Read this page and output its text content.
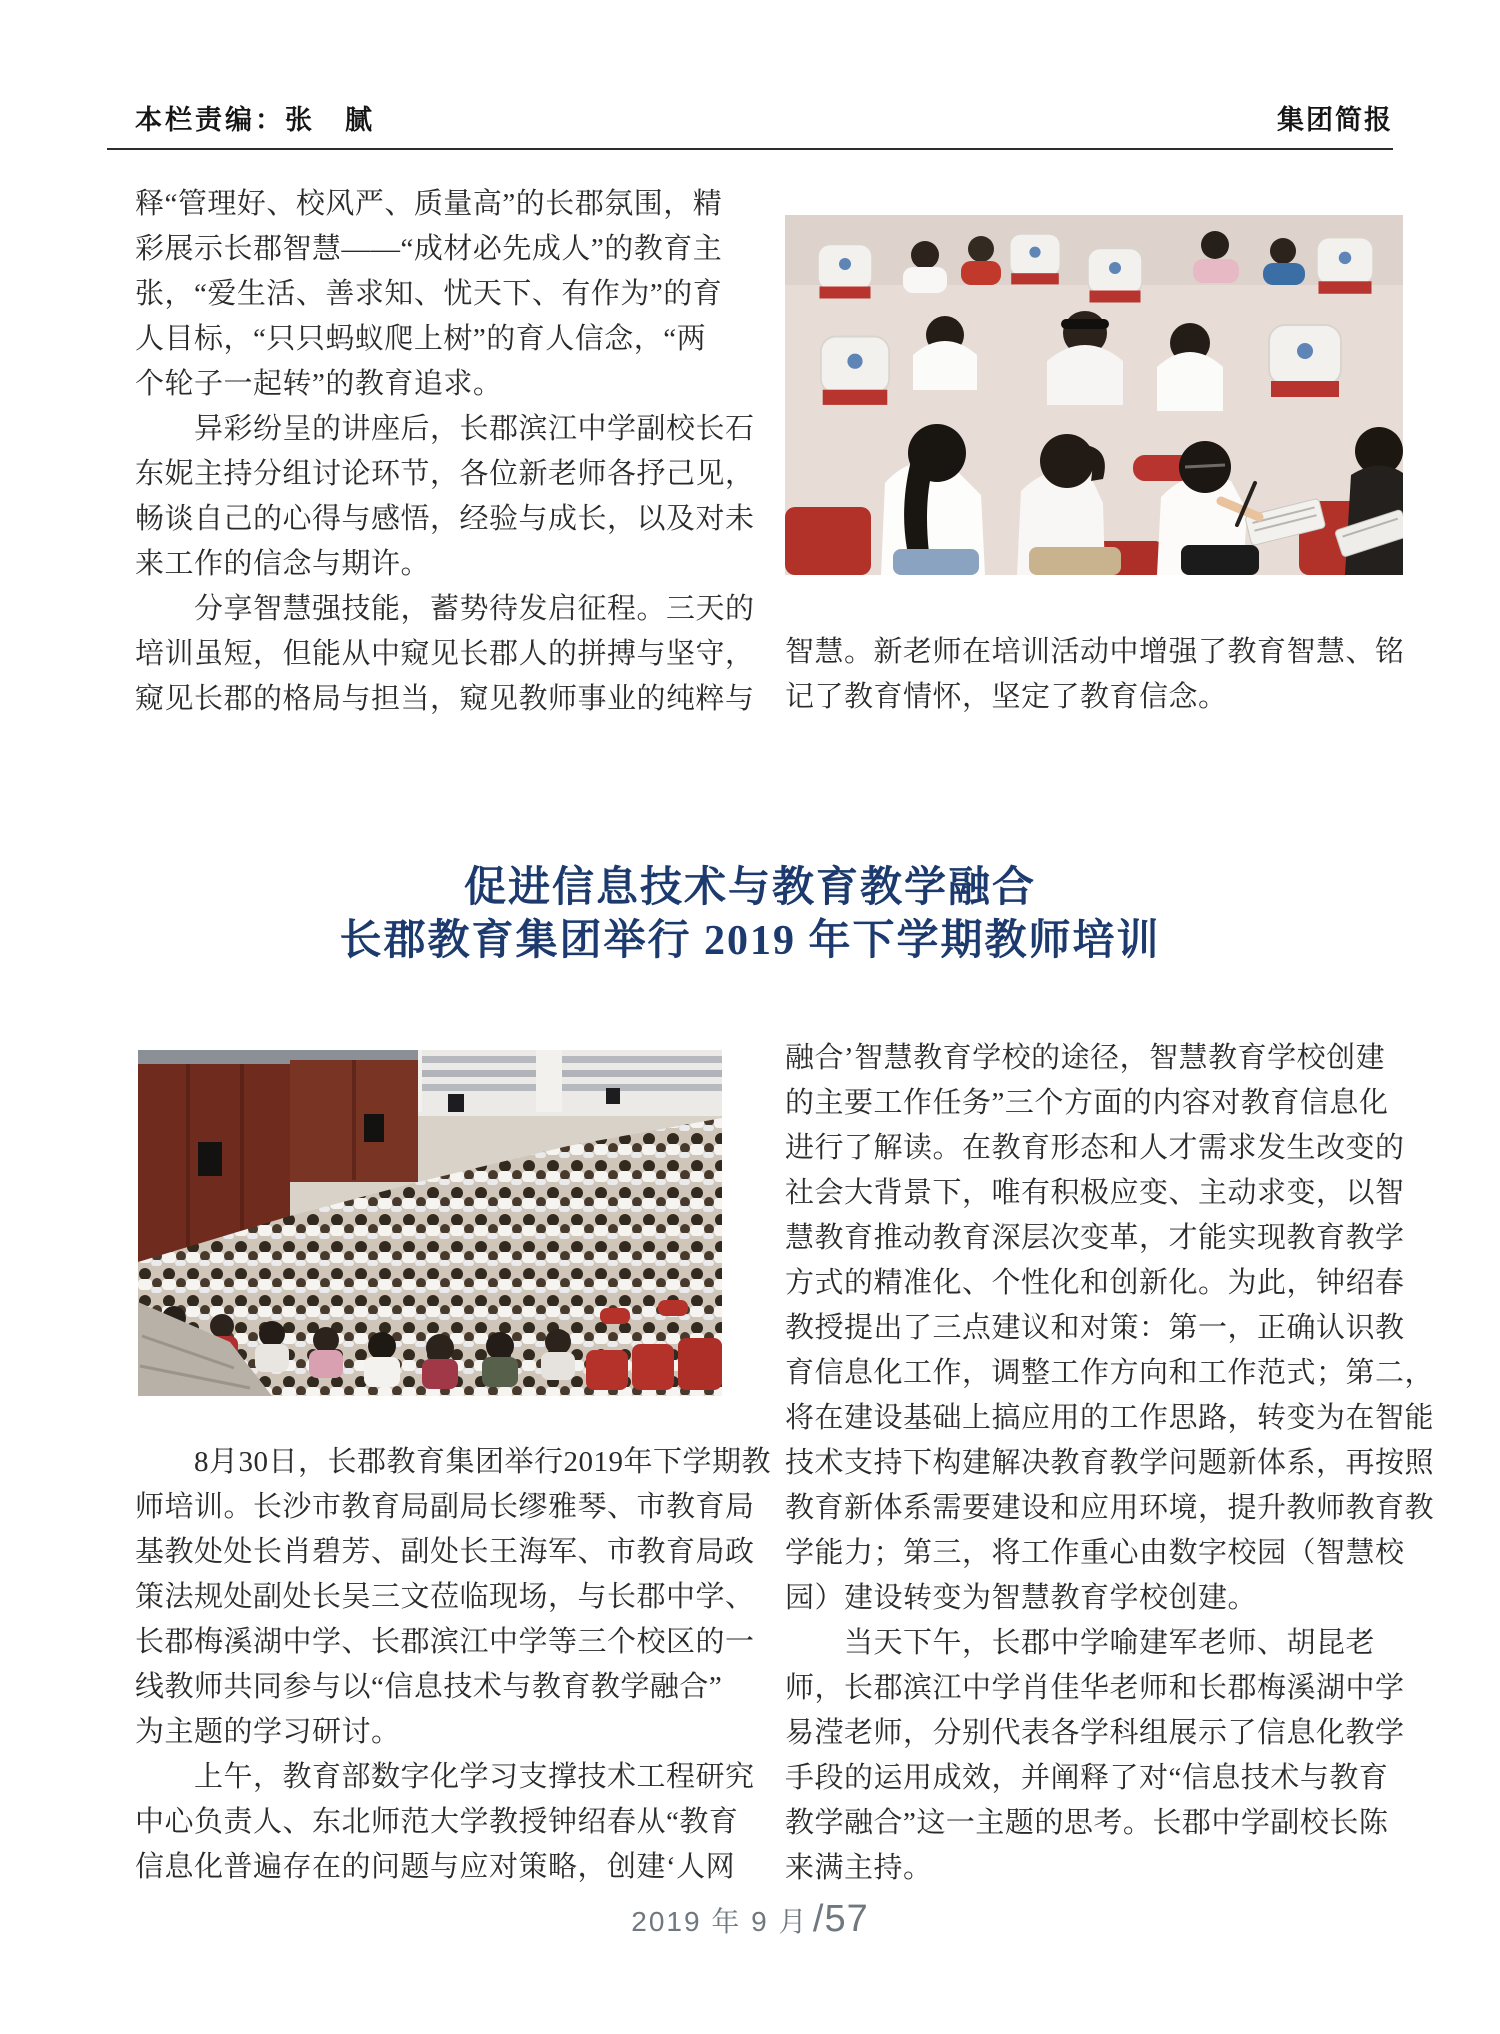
本栏责编：张　腻	集团简报
释“管理好、校风严、质量高”的长郡氛围，精
彩展示长郡智慧——“成材必先成人”的教育主
张，“爱生活、善求知、忧天下、有作为”的育
人目标，“只只蚂蚁爬上树”的育人信念，“两
个轮子一起转”的教育追求。
　　异彩纷呈的讲座后，长郡滨江中学副校长石
东妮主持分组讨论环节，各位新老师各抒己见，
畅谈自己的心得与感悟，经验与成长，以及对未
来工作的信念与期许。
　　分享智慧强技能，蓄势待发启征程。三天的
培训虽短，但能从中窥见长郡人的拼搏与坚守，
窥见长郡的格局与担当，窥见教师事业的纯粹与
智慧。新老师在培训活动中增强了教育智慧、铭
记了教育情怀，坚定了教育信念。
促进信息技术与教育教学融合
长郡教育集团举行 2019 年下学期教师培训
　　8月30日，长郡教育集团举行2019年下学期教
师培训。长沙市教育局副局长缪雅琴、市教育局
基教处处长肖碧芳、副处长王海军、市教育局政
策法规处副处长吴三文莅临现场，与长郡中学、
长郡梅溪湖中学、长郡滨江中学等三个校区的一
线教师共同参与以“信息技术与教育教学融合”
为主题的学习研讨。
　　上午，教育部数字化学习支撑技术工程研究
中心负责人、东北师范大学教授钟绍春从“教育
信息化普遍存在的问题与应对策略，创建‘人网
融合’智慧教育学校的途径，智慧教育学校创建
的主要工作任务”三个方面的内容对教育信息化
进行了解读。在教育形态和人才需求发生改变的
社会大背景下，唯有积极应变、主动求变，以智
慧教育推动教育深层次变革，才能实现教育教学
方式的精准化、个性化和创新化。为此，钟绍春
教授提出了三点建议和对策：第一，正确认识教
育信息化工作，调整工作方向和工作范式；第二，
将在建设基础上搞应用的工作思路，转变为在智能
技术支持下构建解决教育教学问题新体系，再按照
教育新体系需要建设和应用环境，提升教师教育教
学能力；第三，将工作重心由数字校园（智慧校
园）建设转变为智慧教育学校创建。
　　当天下午，长郡中学喻建军老师、胡昆老
师，长郡滨江中学肖佳华老师和长郡梅溪湖中学
易滢老师，分别代表各学科组展示了信息化教学
手段的运用成效，并阐释了对“信息技术与教育
教学融合”这一主题的思考。长郡中学副校长陈
来满主持。
2019 年 9 月 /57
